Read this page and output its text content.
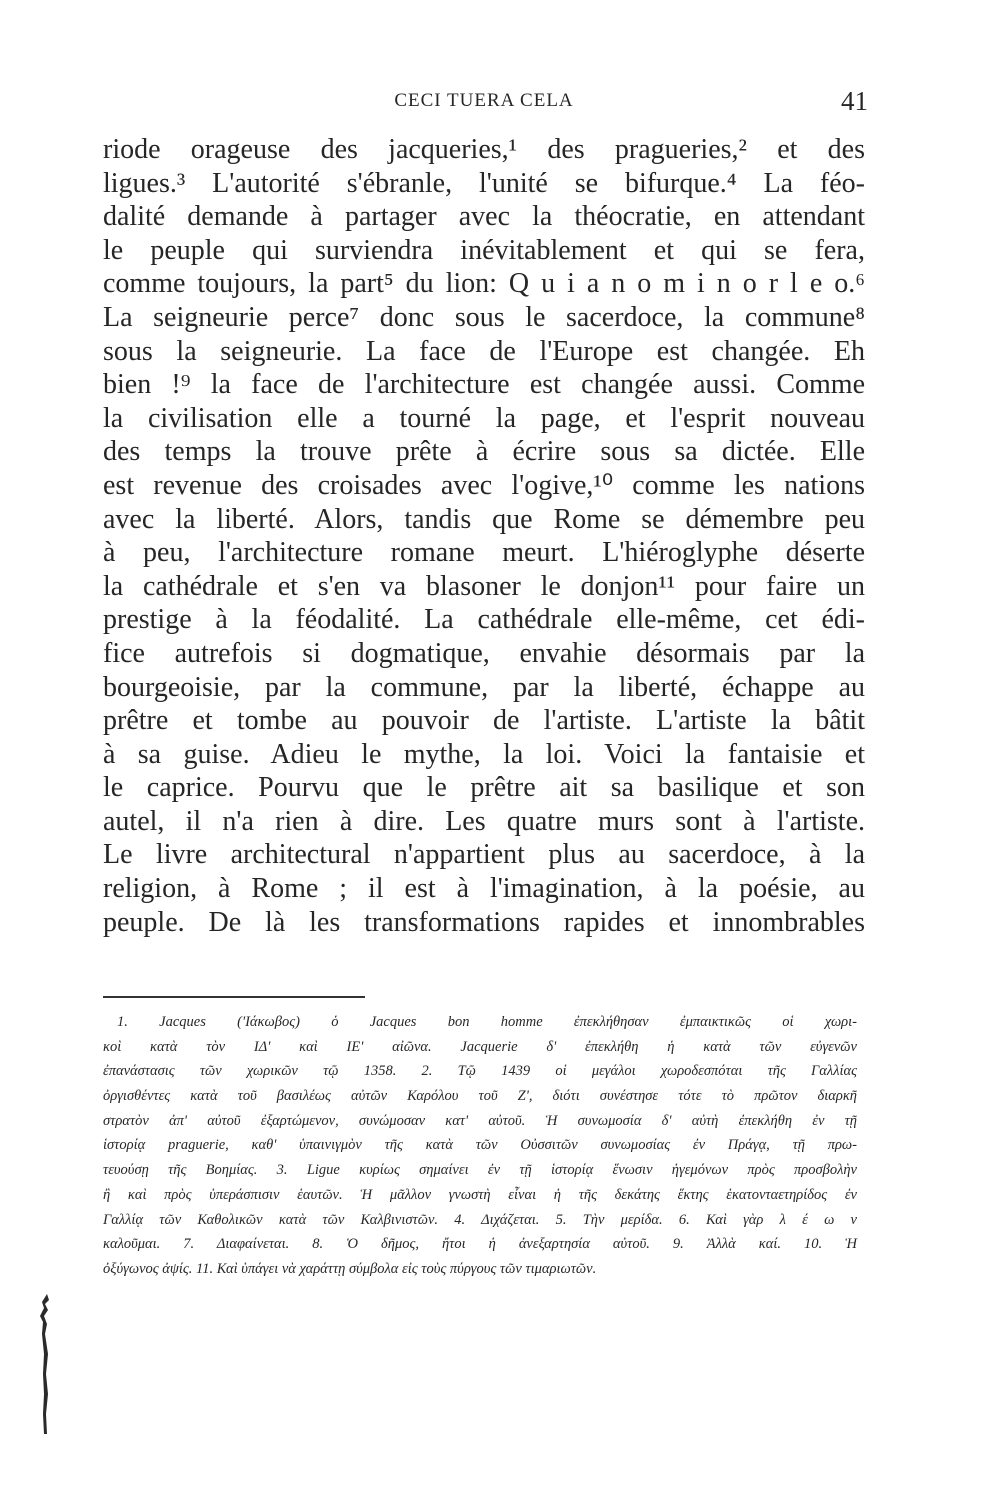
CECI TUERA CELA	41
riode orageuse des jacqueries,¹ des pragueries,² et des
ligues.³ L'autorité s'ébranle, l'unité se bifurque.⁴ La féo-
dalité demande à partager avec la théocratie, en attendant
le peuple qui surviendra inévitablement et qui se fera,
comme toujours, la part⁵ du lion: Q u i a n o m i n o r l e o.⁶
La seigneurie perce⁷ donc sous le sacerdoce, la commune⁸
sous la seigneurie. La face de l'Europe est changée. Eh
bien !⁹ la face de l'architecture est changée aussi. Comme
la civilisation elle a tourné la page, et l'esprit nouveau
des temps la trouve prête à écrire sous sa dictée. Elle
est revenue des croisades avec l'ogive,¹⁰ comme les nations
avec la liberté. Alors, tandis que Rome se démembre peu
à peu, l'architecture romane meurt. L'hiéroglyphe déserte
la cathédrale et s'en va blasoner le donjon¹¹ pour faire un
prestige à la féodalité. La cathédrale elle-même, cet édi-
fice autrefois si dogmatique, envahie désormais par la
bourgeoisie, par la commune, par la liberté, échappe au
prêtre et tombe au pouvoir de l'artiste. L'artiste la bâtit
à sa guise. Adieu le mythe, la loi. Voici la fantaisie et
le caprice. Pourvu que le prêtre ait sa basilique et son
autel, il n'a rien à dire. Les quatre murs sont à l'artiste.
Le livre architectural n'appartient plus au sacerdoce, à la
religion, à Rome ; il est à l'imagination, à la poésie, au
peuple. De là les transformations rapides et innombrables
1. Jacques ('Ιάκωβος) ὁ Jacques bon homme ἐπεκλήθησαν ἐμπαικτικῶς οἱ χωρι-
κοὶ κατὰ τὸν ΙΔ' καὶ ΙΕ' αἰῶνα. Jacquerie δ' ἐπεκλήθη ἡ κατὰ τῶν εὐγενῶν
ἐπανάστασις τῶν χωρικῶν τῷ 1358. 2. Τῷ 1439 οἱ μεγάλοι χωροδεσπόται τῆς Γαλλίας
ὀργισθέντες κατὰ τοῦ βασιλέως αὐτῶν Καρόλου τοῦ Ζ', διότι συνέστησε τότε τὸ πρῶτον διαρκῆ
στρατὸν ἀπ' αὐτοῦ ἐξαρτώμενον, συνώμοσαν κατ' αὐτοῦ. Ἡ συνωμοσία δ' αὐτὴ ἐπεκλήθη ἐν τῇ
ἱστορίᾳ praguerie, καθ' ὑπαινιγμὸν τῆς κατὰ τῶν Οὐσσιτῶν συνωμοσίας ἐν Πράγᾳ, τῇ πρω-
τευούσῃ τῆς Βοημίας. 3. Ligue κυρίως σημαίνει ἐν τῇ ἱστορίᾳ ἕνωσιν ἡγεμόνων πρὸς προσβολὴν
ἢ καὶ πρὸς ὑπεράσπισιν ἑαυτῶν. Ἡ μᾶλλον γνωστὴ εἶναι ἡ τῆς δεκάτης ἕκτης ἑκατονταετηρίδος ἐν
Γαλλίᾳ τῶν Καθολικῶν κατὰ τῶν Καλβινιστῶν. 4. Διχάζεται. 5. Τὴν μερίδα. 6. Καὶ γὰρ λ έ ω ν
καλοῦμαι. 7. Διαφαίνεται. 8. Ὁ δῆμος, ἤτοι ἡ ἀνεξαρτησία αὐτοῦ. 9. Ἀλλὰ καί. 10. Ἡ
ὀξύγωνος ἀψίς. 11. Καὶ ὑπάγει νὰ χαράττῃ σύμβολα εἰς τοὺς πύργους τῶν τιμαριωτῶν.
